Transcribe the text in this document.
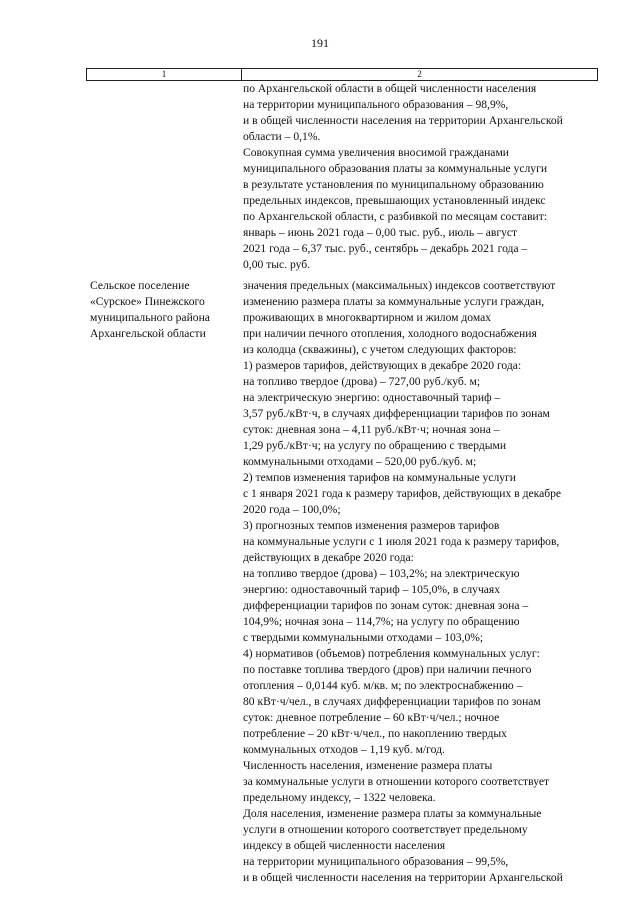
191
1	2
по Архангельской области в общей численности населения
на территории муниципального образования – 98,9%,
и в общей численности населения на территории Архангельской
области – 0,1%.
Совокупная сумма увеличения вносимой гражданами
муниципального образования платы за коммунальные услуги
в результате установления по муниципальному образованию
предельных индексов, превышающих установленный индекс
по Архангельской области, с разбивкой по месяцам составит:
январь – июнь 2021 года – 0,00 тыс. руб., июль – август
2021 года – 6,37 тыс. руб., сентябрь – декабрь 2021 года –
0,00 тыс. руб.
Сельское поселение
«Сурское» Пинежского
муниципального района
Архангельской области
значения предельных (максимальных) индексов соответствуют
изменению размера платы за коммунальные услуги граждан,
проживающих в многоквартирном и жилом домах
при наличии печного отопления, холодного водоснабжения
из колодца (скважины), с учетом следующих факторов:
1) размеров тарифов, действующих в декабре 2020 года:
на топливо твердое (дрова) – 727,00 руб./куб. м;
на электрическую энергию: одноставочный тариф –
3,57 руб./кВт·ч, в случаях дифференциации тарифов по зонам
суток: дневная зона – 4,11 руб./кВт·ч; ночная зона –
1,29 руб./кВт·ч; на услугу по обращению с твердыми
коммунальными отходами – 520,00 руб./куб. м;
2) темпов изменения тарифов на коммунальные услуги
с 1 января 2021 года к размеру тарифов, действующих в декабре
2020 года – 100,0%;
3) прогнозных темпов изменения размеров тарифов
на коммунальные услуги с 1 июля 2021 года к размеру тарифов,
действующих в декабре 2020 года:
на топливо твердое (дрова) – 103,2%; на электрическую
энергию: одноставочный тариф – 105,0%, в случаях
дифференциации тарифов по зонам суток: дневная зона –
104,9%; ночная зона – 114,7%; на услугу по обращению
с твердыми коммунальными отходами – 103,0%;
4) нормативов (объемов) потребления коммунальных услуг:
по поставке топлива твердого (дров) при наличии печного
отопления – 0,0144 куб. м/кв. м; по электроснабжению –
80 кВт·ч/чел., в случаях дифференциации тарифов по зонам
суток: дневное потребление – 60 кВт·ч/чел.; ночное
потребление – 20 кВт·ч/чел., по накоплению твердых
коммунальных отходов – 1,19 куб. м/год.
Численность населения, изменение размера платы
за коммунальные услуги в отношении которого соответствует
предельному индексу, – 1322 человека.
Доля населения, изменение размера платы за коммунальные
услуги в отношении которого соответствует предельному
индексу в общей численности населения
на территории муниципального образования – 99,5%,
и в общей численности населения на территории Архангельской
